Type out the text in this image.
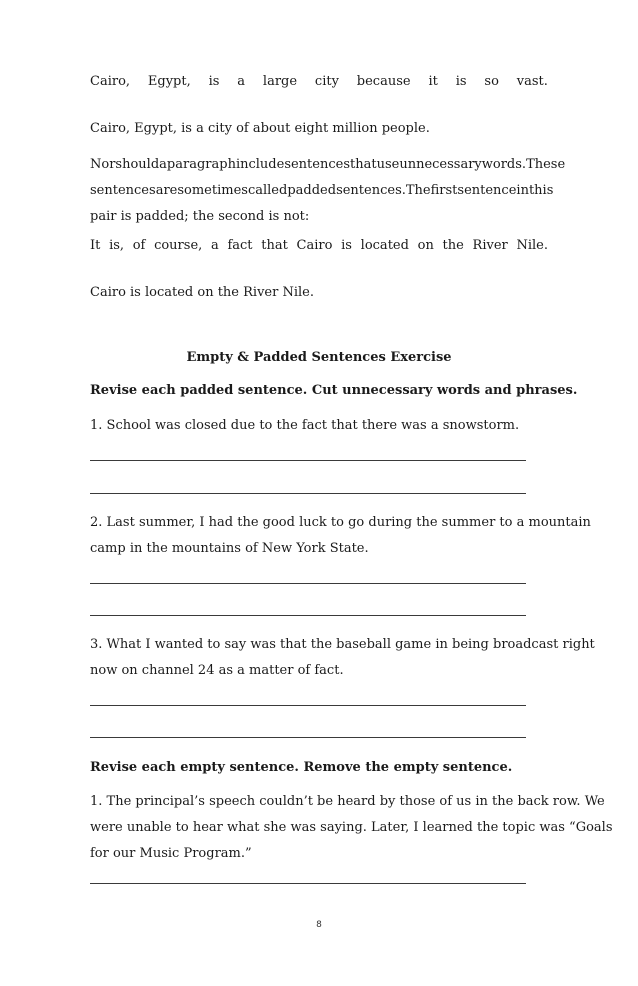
Cairo, Egypt, is a large city because it is so vast.
Cairo, Egypt, is a city of about eight million people.
Nor should a paragraph include sentences that use unnecessary words. These
sentences are sometimes called padded sentences. The first sentence in this
pair is padded; the second is not:
It is, of course, a fact that Cairo is located on the River Nile.
Cairo is located on the River Nile.
Empty & Padded Sentences Exercise
Revise each padded sentence. Cut unnecessary words and phrases.
1. School was closed due to the fact that there was a snowstorm.
2. Last summer, I had the good luck to go during the summer to a mountain
camp in the mountains of New York State.
3. What I wanted to say was that the baseball game in being broadcast right
now on channel 24 as a matter of fact.
Revise each empty sentence. Remove the empty sentence.
1. The principal’s speech couldn’t be heard by those of us in the back row. We
were unable to hear what she was saying. Later, I learned the topic was “Goals
for our Music Program.”
8
